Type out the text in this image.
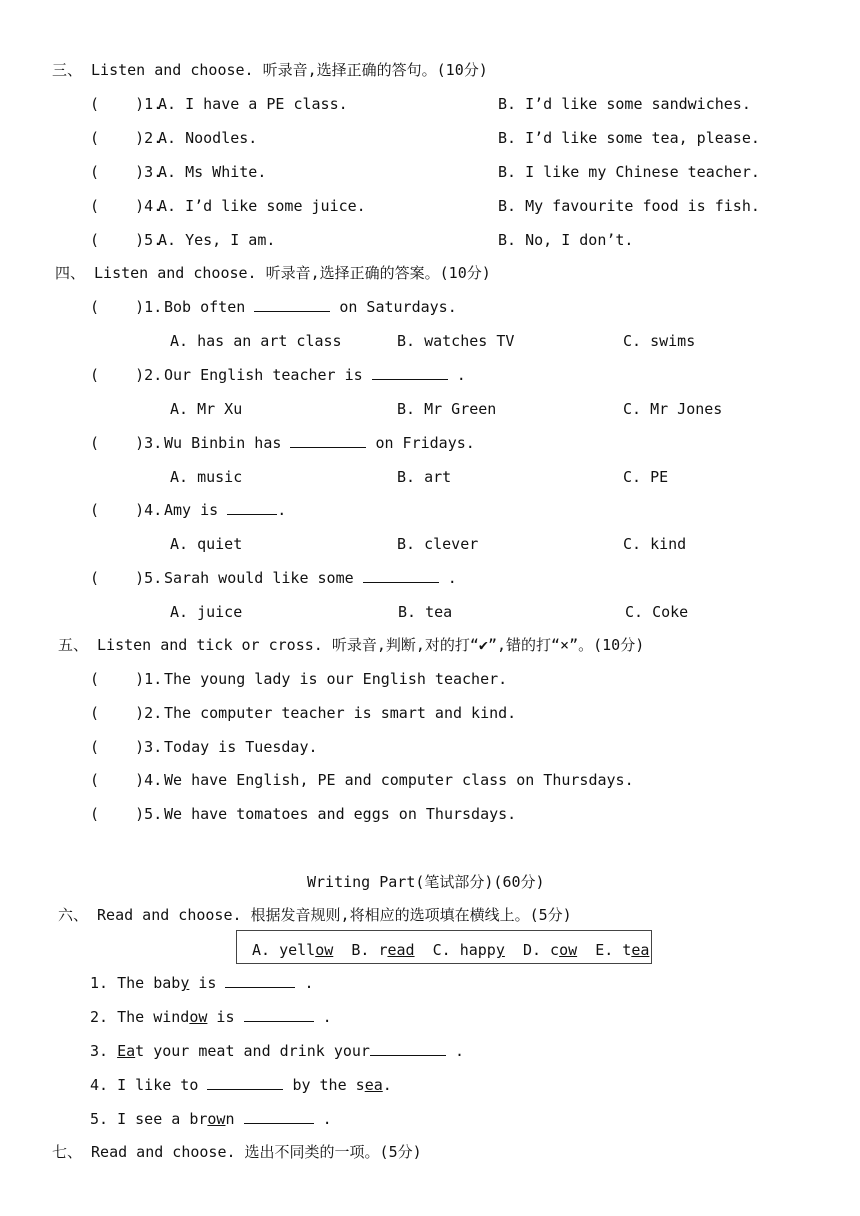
三、 Listen and choose. 听录音,选择正确的答句。(10分)
(    )1.
A. I have a PE class.	B. I’d like some sandwiches.
(    )2.
A. Noodles.	B. I’d like some tea, please.
(    )3.
A. Ms White.	B. I like my Chinese teacher.
(    )4.
A. I’d like some juice.	B. My favourite food is fish.
(    )5.
A. Yes, I am.	B. No, I don’t.
四、 Listen and choose. 听录音,选择正确的答案。(10分)
(    )1. Bob often	on Saturdays.
A. has an art class	B. watches TV	C. swims
(    )2. Our English teacher is	.
A. Mr Xu	B. Mr Green	C. Mr Jones
(    )3. Wu Binbin has	on Fridays.
A. music	B. art	C. PE
(    )4. Amy is	.
A. quiet	B. clever	C. kind
(    )5. Sarah would like some	.
A. juice	B. tea	C. Coke
五、 Listen and tick or cross. 听录音,判断,对的打“✔”,错的打“×”。(10分)
(    )1. The young lady is our English teacher.
(    )2. The computer teacher is smart and kind.
(    )3. Today is Tuesday.
(    )4. We have English, PE and computer class on Thursdays.
(    )5. We have tomatoes and eggs on Thursdays.
Writing Part(笔试部分)(60分)
六、 Read and choose. 根据发音规则,将相应的选项填在横线上。(5分)
A. yellow B. read C. happy D. cow E. tea
1. The baby is	.
2. The window is	.
3. Eat your meat and drink your	.
4. I like to	by the sea.
5. I see a brown	.
七、 Read and choose. 选出不同类的一项。(5分)
